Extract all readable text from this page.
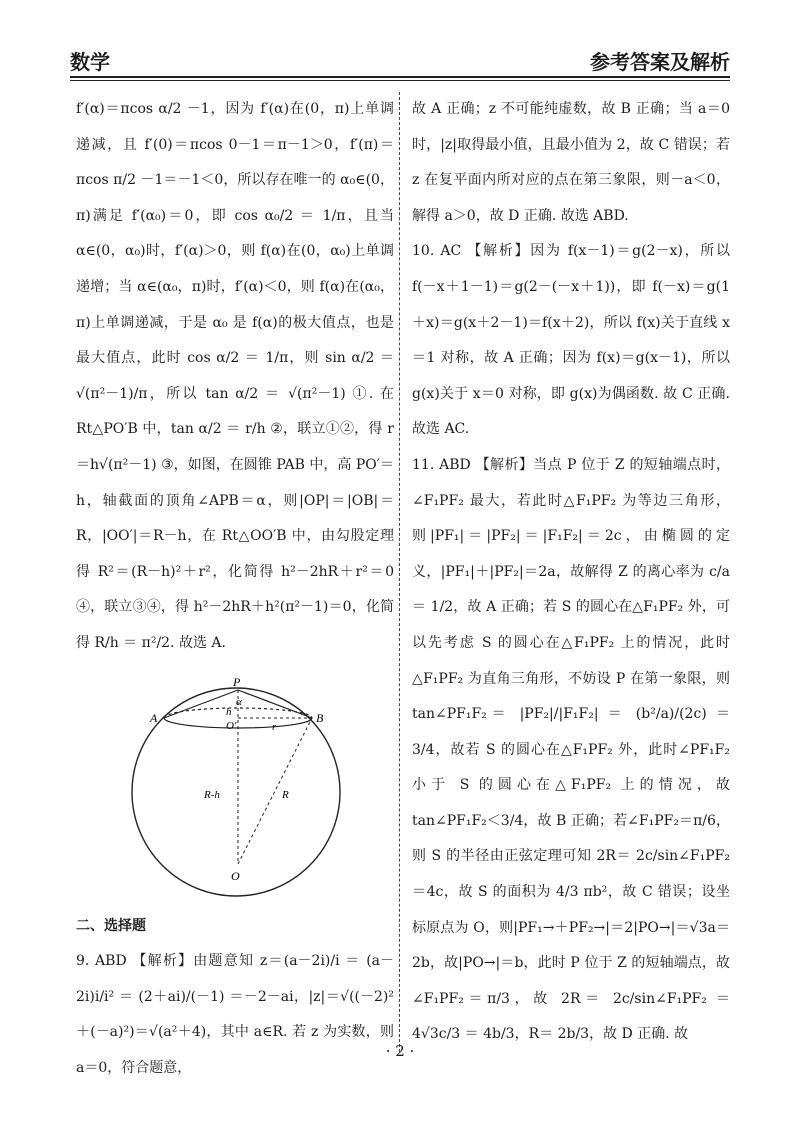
数学	参考答案及解析

f′(α)＝πcos α/2 －1，因为 f′(α)在(0，π)上单调递减，且 f′(0)＝πcos 0－1＝π－1＞0，f′(π)＝πcos π/2 －1＝－1＜0，所以存在唯一的 α₀∈(0，π)满足 f′(α₀)＝0，即 cos α₀/2 ＝ 1/π，且当 α∈(0，α₀)时，f′(α)＞0，则 f(α)在(0，α₀)上单调递增；当 α∈(α₀，π)时，f′(α)＜0，则 f(α)在(α₀，π)上单调递减，于是 α₀ 是 f(α)的极大值点，也是最大值点，此时 cos α/2 ＝ 1/π，则 sin α/2 ＝ √(π²－1)/π，所以 tan α/2 ＝ √(π²－1) ①. 在 Rt△PO′B 中，tan α/2 ＝ r/h ②，联立①②，得 r＝h√(π²－1) ③，如图，在圆锥 PAB 中，高 PO′＝h，轴截面的顶角∠APB＝α，则|OP|＝|OB|＝R，|OO′|＝R－h，在 Rt△OO′B 中，由勾股定理得 R²＝(R－h)²＋r²，化简得 h²－2hR＋r²＝0 ④，联立③④，得 h²－2hR＋h²(π²－1)＝0，化简得 R/h ＝ π²/2. 故选 A.

P
A	B
α
h
O′	r
R-h	R
O

二、选择题

9. ABD 【解析】由题意知 z＝(a－2i)/i ＝ (a－2i)i/i² ＝ (2＋ai)/(－1) ＝－2－ai，|z|＝√((－2)²＋(－a)²)＝√(a²＋4)，其中 a∈R. 若 z 为实数，则 a＝0，符合题意，

故 A 正确；z 不可能纯虚数，故 B 正确；当 a＝0 时，|z|取得最小值，且最小值为 2，故 C 错误；若 z 在复平面内所对应的点在第三象限，则－a＜0，解得 a＞0，故 D 正确. 故选 ABD.

10. AC 【解析】因为 f(x－1)＝g(2－x)，所以 f(－x＋1－1)＝g(2－(－x＋1))，即 f(－x)＝g(1＋x)＝g(x＋2－1)＝f(x＋2)，所以 f(x)关于直线 x＝1 对称，故 A 正确；因为 f(x)＝g(x－1)，所以 g(x)关于 x＝0 对称，即 g(x)为偶函数. 故 C 正确. 故选 AC.

11. ABD 【解析】当点 P 位于 Z 的短轴端点时，∠F₁PF₂ 最大，若此时△F₁PF₂ 为等边三角形，则|PF₁|＝|PF₂|＝|F₁F₂|＝2c，由椭圆的定义，|PF₁|＋|PF₂|＝2a，故解得 Z 的离心率为 c/a ＝ 1/2，故 A 正确；若 S 的圆心在△F₁PF₂ 外，可以先考虑 S 的圆心在△F₁PF₂ 上的情况，此时△F₁PF₂ 为直角三角形，不妨设 P 在第一象限，则 tan∠PF₁F₂＝ |PF₂|/|F₁F₂| ＝ (b²/a)/(2c) ＝ 3/4，故若 S 的圆心在△F₁PF₂ 外，此时∠PF₁F₂ 小于 S 的圆心在△F₁PF₂ 上的情况，故 tan∠PF₁F₂＜3/4，故 B 正确；若∠F₁PF₂＝π/6，则 S 的半径由正弦定理可知 2R＝ 2c/sin∠F₁PF₂ ＝4c，故 S 的面积为 4/3 πb²，故 C 错误；设坐标原点为 O，则|PF₁→＋PF₂→|＝2|PO→|＝√3a＝2b，故|PO→|＝b，此时 P 位于 Z 的短轴端点，故∠F₁PF₂＝π/3，故 2R＝ 2c/sin∠F₁PF₂ ＝ 4√3c/3 ＝ 4b/3，R＝ 2b/3，故 D 正确. 故

· 2 ·
